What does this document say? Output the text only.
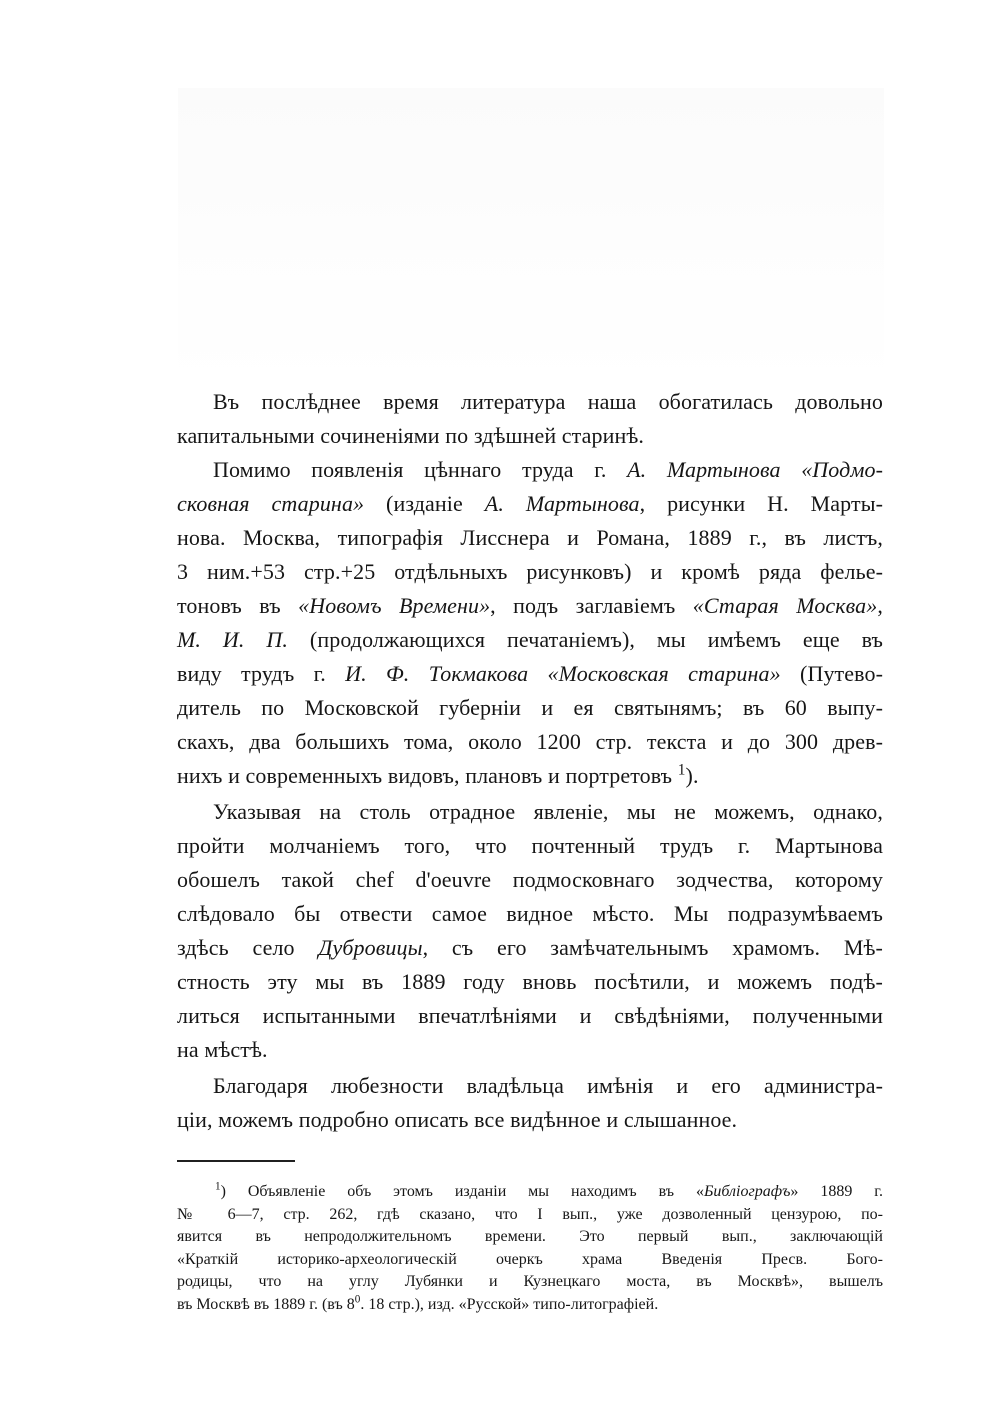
Въ послѣднее время литература наша обогатилась довольно
капитальными сочиненіями по здѣшней старинѣ.
Помимо появленія цѣннаго труда г. А. Мартынова «Подмо-
сковная старина» (изданіе А. Мартынова, рисунки Н. Марты-
нова. Москва, типографія Лисснера и Романа, 1889 г., въ листъ,
3 ним.+53 стр.+25 отдѣльныхъ рисунковъ) и кромѣ ряда фелье-
тоновъ въ «Новомъ Времени», подъ заглавіемъ «Старая Москва»,
М. И. П. (продолжающихся печатаніемъ), мы имѣемъ еще въ
виду трудъ г. И. Ф. Токмакова «Московская старина» (Путево-
дитель по Московской губерніи и ея святынямъ; въ 60 выпу-
скахъ, два большихъ тома, около 1200 стр. текста и до 300 древ-
нихъ и современныхъ видовъ, плановъ и портретовъ $^1$).
Указывая на столь отрадное явленіе, мы не можемъ, однако,
пройти молчаніемъ того, что почтенный трудъ г. Мартынова
обошелъ такой chef d'oeuvre подмосковнаго зодчества, которому
слѣдовало бы отвести самое видное мѣсто. Мы подразумѣваемъ
здѣсь село Дубровицы, съ его замѣчательнымъ храмомъ. Мѣ-
стность эту мы въ 1889 году вновь посѣтили, и можемъ подѣ-
литься испытанными впечатлѣніями и свѣдѣніями, полученными
на мѣстѣ.
Благодаря любезности владѣльца имѣнія и его администра-
ціи, можемъ подробно описать все видѣнное и слышанное.
$^1$) Объявленіе объ этомъ изданіи мы находимъ въ «Библіографъ» 1889 г.
№ 6—7, стр. 262, гдѣ сказано, что I вып., уже дозволенный цензурою, по-
явится въ непродолжительномъ времени. Это первый вып., заключающій
«Краткій историко-археологическій очеркъ храма Введенія Пресв. Бого-
родицы, что на углу Лубянки и Кузнецкаго моста, въ Москвѣ», вышелъ
въ Москвѣ въ 1889 г. (въ $8^0$. 18 стр.), изд. «Русской» типо-литографіей.
